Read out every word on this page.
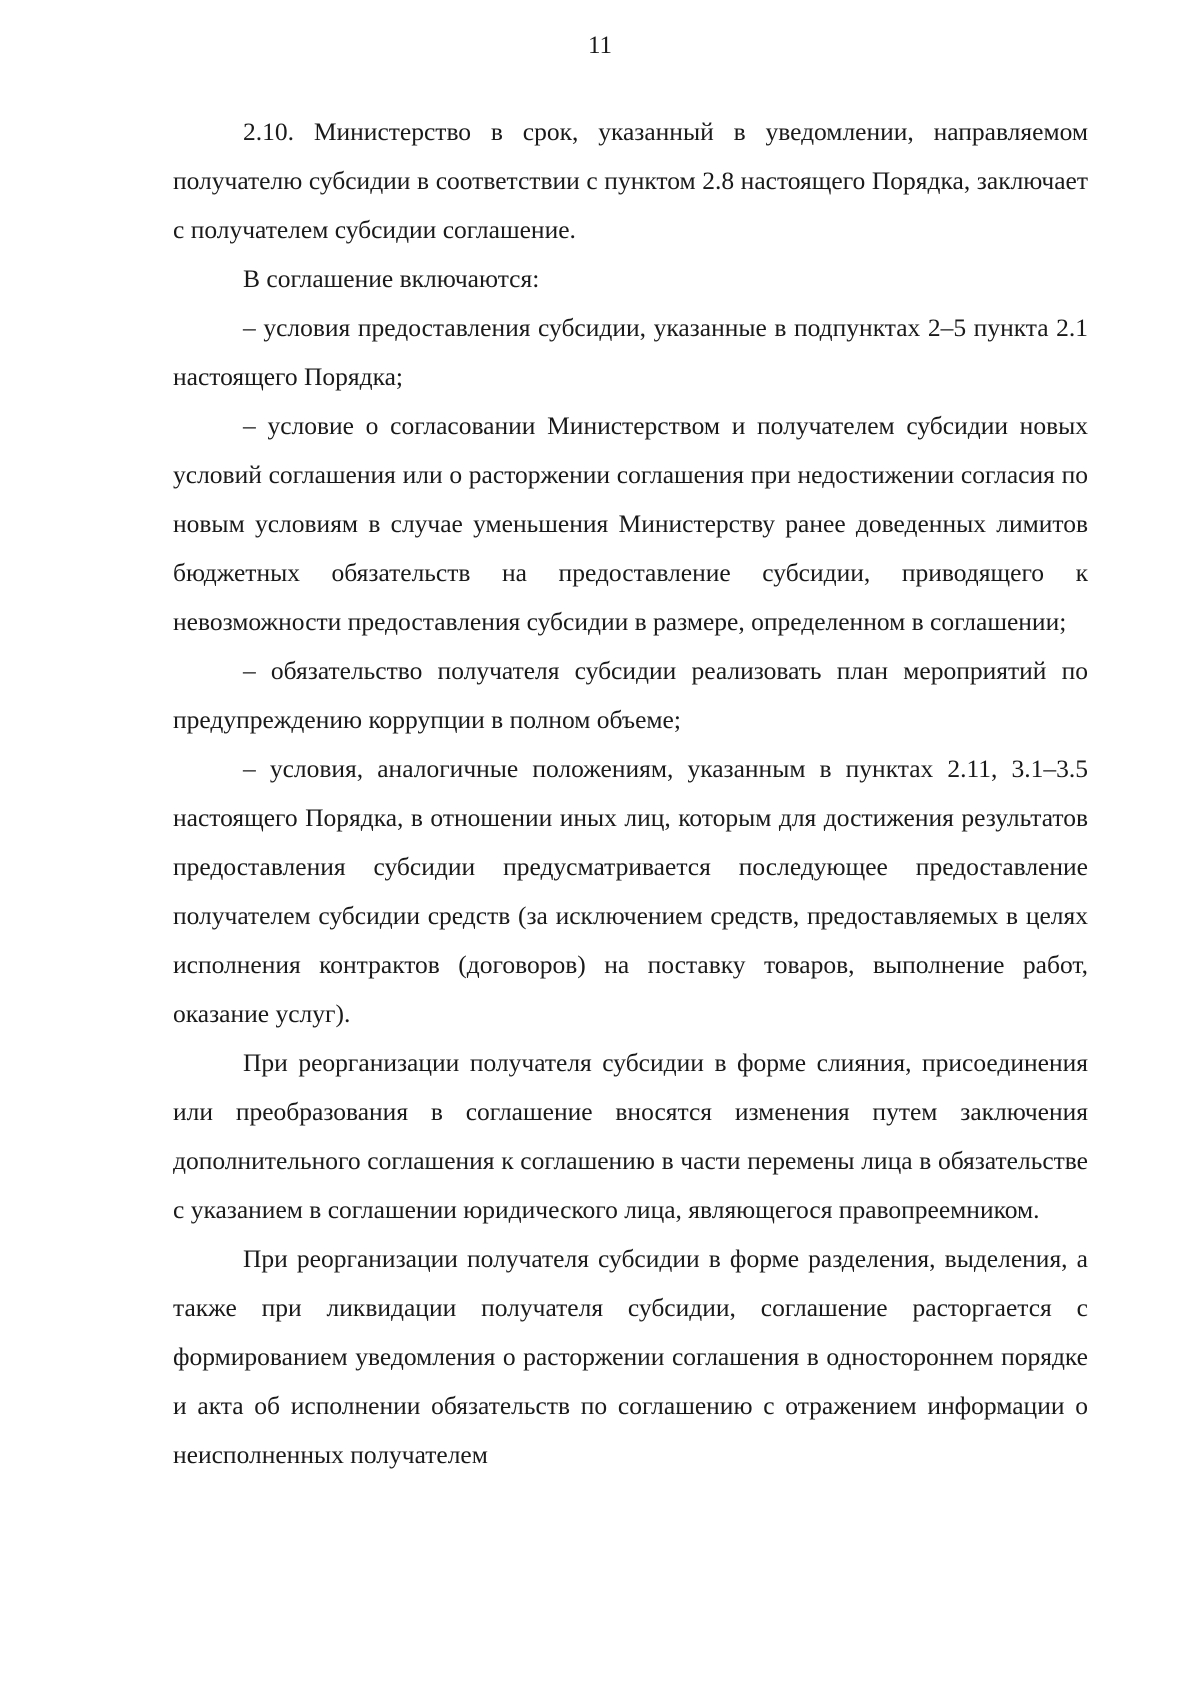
11

2.10. Министерство в срок, указанный в уведомлении, направляемом получателю субсидии в соответствии с пунктом 2.8 настоящего Порядка, заключает с получателем субсидии соглашение.

В соглашение включаются:

– условия предоставления субсидии, указанные в подпунктах 2–5 пункта 2.1 настоящего Порядка;

– условие о согласовании Министерством и получателем субсидии новых условий соглашения или о расторжении соглашения при недостижении согласия по новым условиям в случае уменьшения Министерству ранее доведенных лимитов бюджетных обязательств на предоставление субсидии, приводящего к невозможности предоставления субсидии в размере, определенном в соглашении;

– обязательство получателя субсидии реализовать план мероприятий по предупреждению коррупции в полном объеме;

– условия, аналогичные положениям, указанным в пунктах 2.11, 3.1–3.5 настоящего Порядка, в отношении иных лиц, которым для достижения результатов предоставления субсидии предусматривается последующее предоставление получателем субсидии средств (за исключением средств, предоставляемых в целях исполнения контрактов (договоров) на поставку товаров, выполнение работ, оказание услуг).

При реорганизации получателя субсидии в форме слияния, присоединения или преобразования в соглашение вносятся изменения путем заключения дополнительного соглашения к соглашению в части перемены лица в обязательстве с указанием в соглашении юридического лица, являющегося правопреемником.

При реорганизации получателя субсидии в форме разделения, выделения, а также при ликвидации получателя субсидии, соглашение расторгается с формированием уведомления о расторжении соглашения в одностороннем порядке и акта об исполнении обязательств по соглашению с отражением информации о неисполненных получателем
